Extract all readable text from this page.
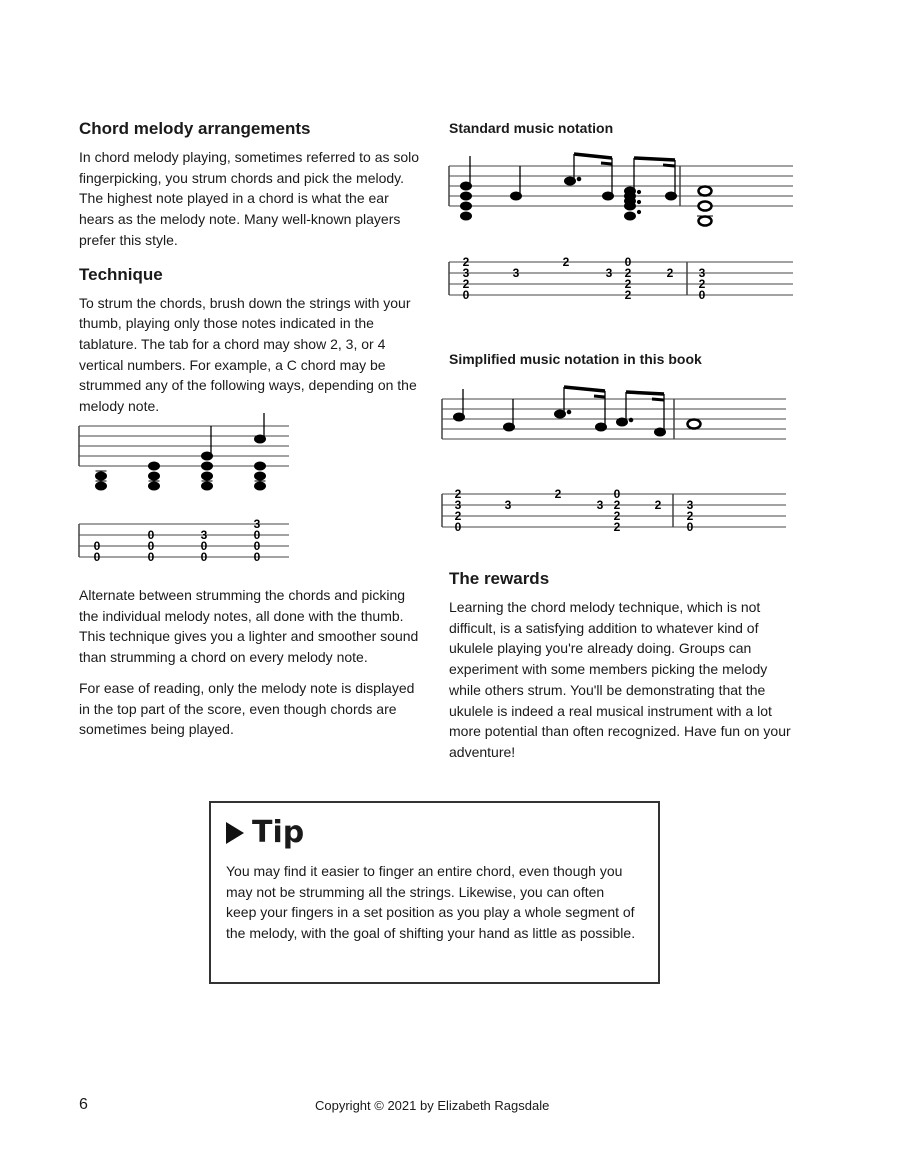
Chord melody arrangements

In chord melody playing, sometimes referred to as solo fingerpicking, you strum chords and pick the melody. The highest note played in a chord is what the ear hears as the melody note. Many well-known players prefer this style.

Technique

To strum the chords, brush down the strings with your thumb, playing only those notes indicated in the tablature. The tab for a chord may show 2, 3, or 4 vertical numbers. For example, a C chord may be strummed any of the following ways, depending on the melody note.

0
0
0
0
0
3
0
0
3
0
0
0

Alternate between strumming the chords and picking the individual melody notes, all done with the thumb. This technique gives you a lighter and smoother sound than strumming a chord on every melody note.

For ease of reading, only the melody note is displayed in the top part of the score, even though chords are sometimes being played.

Standard music notation
2
3
2
0
3
2
3
0
2
2
2
2 3
2
0
Simplified music notation in this book
2
3
2
0
3
2
3
0
2
2
2
2 3
2
0
The rewards

Learning the chord melody technique, which is not difficult, is a satisfying addition to whatever kind of ukulele playing you're already doing. Groups can experiment with some members picking the melody while others strum. You'll be demonstrating that the ukulele is indeed a real musical instrument with a lot more potential than often recognized. Have fun on your adventure!

Tip

You may find it easier to finger an entire chord, even though you may not be strumming all the strings. Likewise, you can often keep your fingers in a set position as you play a whole segment of the melody, with the goal of shifting your hand as little as possible.

6	Copyright © 2021 by Elizabeth Ragsdale
